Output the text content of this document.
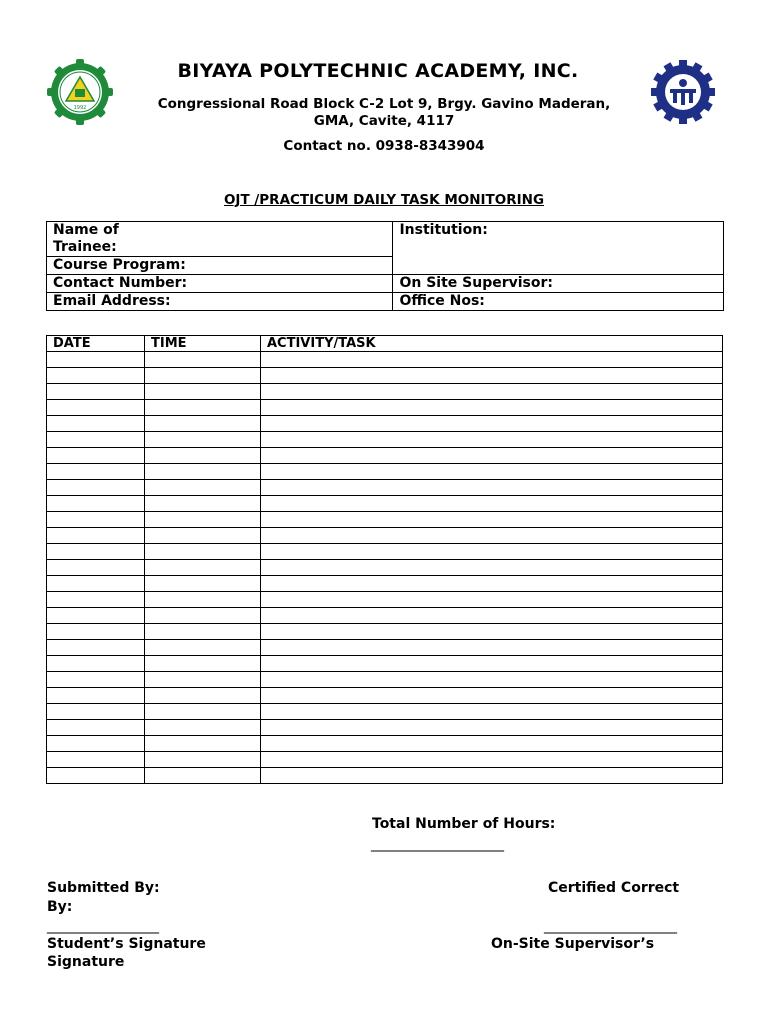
1992
BIYAYA POLYTECHNIC ACADEMY, INC.
Congressional Road Block C-2 Lot 9, Brgy. Gavino Maderan,
GMA, Cavite, 4117
Contact no. 0938-8343904
OJT /PRACTICUM DAILY TASK MONITORING
Name of
Trainee:	Institution:
Course Program:	
Contact Number:	On Site Supervisor:
Email Address:	Office Nos:
DATE	TIME	ACTIVITY/TASK

Total Number of Hours:
___________________
Submitted By:
By:
Certified Correct
________________	___________________
Student’s Signature	On-Site Supervisor’s
Signature
